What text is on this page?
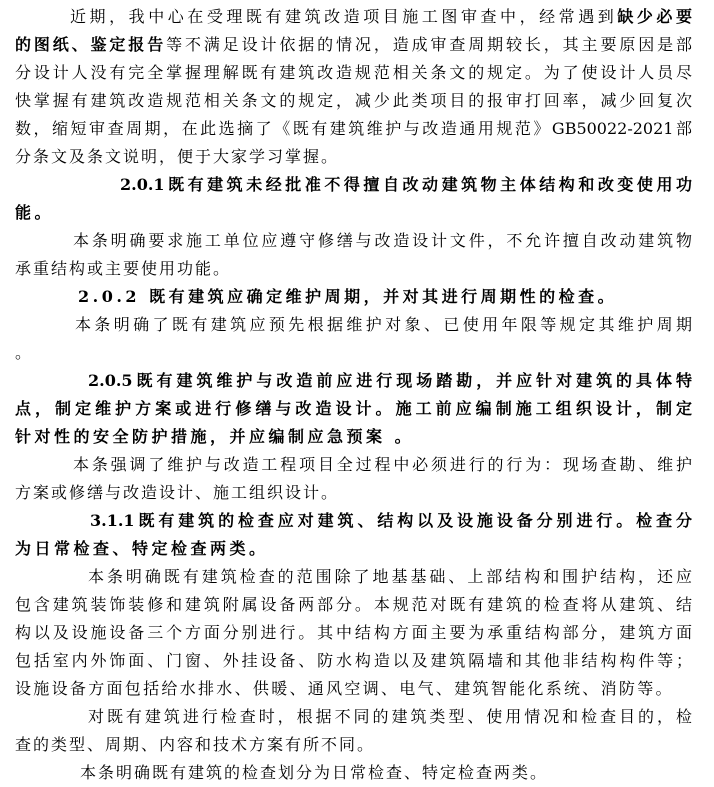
近期，我中心在受理既有建筑改造项目施工图审查中，经常遇到缺少必要
的图纸、鉴定报告等不满足设计依据的情况，造成审查周期较长，其主要原因是部
分设计人没有完全掌握理解既有建筑改造规范相关条文的规定。为了使设计人员尽
快掌握有建筑改造规范相关条文的规定，减少此类项目的报审打回率，减少回复次
数，缩短审查周期，在此选摘了《既有建筑维护与改造通用规范》GB50022-2021部
分条文及条文说明，便于大家学习掌握。
2.0.1既有建筑未经批准不得擅自改动建筑物主体结构和改变使用功
能。
本条明确要求施工单位应遵守修缮与改造设计文件，不允许擅自改动建筑物
承重结构或主要使用功能。
2.0.2 既有建筑应确定维护周期，并对其进行周期性的检查。
本条明确了既有建筑应预先根据维护对象、已使用年限等规定其维护周期
。
2.0.5既有建筑维护与改造前应进行现场踏勘，并应针对建筑的具体特
点，制定维护方案或进行修缮与改造设计。施工前应编制施工组织设计，制定
针对性的安全防护措施，并应编制应急预案 。
本条强调了维护与改造工程项目全过程中必须进行的行为：现场查勘、维护
方案或修缮与改造设计、施工组织设计。
3.1.1既有建筑的检查应对建筑、结构以及设施设备分别进行。检查分
为日常检查、特定检查两类。
本条明确既有建筑检查的范围除了地基基础、上部结构和围护结构，还应
包含建筑装饰装修和建筑附属设备两部分。本规范对既有建筑的检查将从建筑、结
构以及设施设备三个方面分别进行。其中结构方面主要为承重结构部分，建筑方面
包括室内外饰面、门窗、外挂设备、防水构造以及建筑隔墙和其他非结构构件等；
设施设备方面包括给水排水、供暖、通风空调、电气、建筑智能化系统、消防等。
对既有建筑进行检查时，根据不同的建筑类型、使用情况和检查目的，检
查的类型、周期、内容和技术方案有所不同。
本条明确既有建筑的检查划分为日常检查、特定检查两类。
